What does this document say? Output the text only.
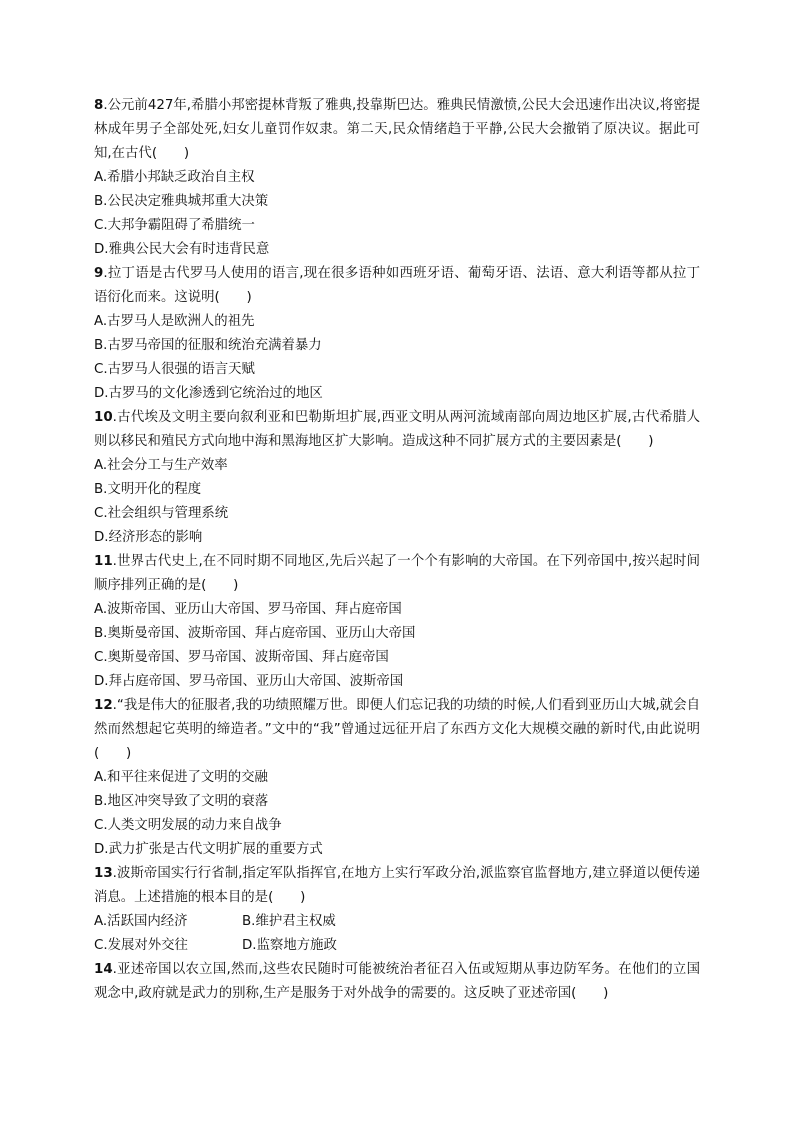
8.公元前427年,希腊小邦密提林背叛了雅典,投靠斯巴达。雅典民情激愤,公民大会迅速作出决议,将密提林成年男子全部处死,妇女儿童罚作奴隶。第二天,民众情绪趋于平静,公民大会撤销了原决议。据此可知,在古代(　　)

A.希腊小邦缺乏政治自主权

B.公民决定雅典城邦重大决策

C.大邦争霸阻碍了希腊统一

D.雅典公民大会有时违背民意

9.拉丁语是古代罗马人使用的语言,现在很多语种如西班牙语、葡萄牙语、法语、意大利语等都从拉丁语衍化而来。这说明(　　)

A.古罗马人是欧洲人的祖先

B.古罗马帝国的征服和统治充满着暴力

C.古罗马人很强的语言天赋

D.古罗马的文化渗透到它统治过的地区

10.古代埃及文明主要向叙利亚和巴勒斯坦扩展,西亚文明从两河流域南部向周边地区扩展,古代希腊人则以移民和殖民方式向地中海和黑海地区扩大影响。造成这种不同扩展方式的主要因素是(　　)

A.社会分工与生产效率

B.文明开化的程度

C.社会组织与管理系统

D.经济形态的影响

11.世界古代史上,在不同时期不同地区,先后兴起了一个个有影响的大帝国。在下列帝国中,按兴起时间顺序排列正确的是(　　)

A.波斯帝国、亚历山大帝国、罗马帝国、拜占庭帝国

B.奥斯曼帝国、波斯帝国、拜占庭帝国、亚历山大帝国

C.奥斯曼帝国、罗马帝国、波斯帝国、拜占庭帝国

D.拜占庭帝国、罗马帝国、亚历山大帝国、波斯帝国

12.“我是伟大的征服者,我的功绩照耀万世。即便人们忘记我的功绩的时候,人们看到亚历山大城,就会自然而然想起它英明的缔造者。”文中的“我”曾通过远征开启了东西方文化大规模交融的新时代,由此说明(　　)

A.和平往来促进了文明的交融

B.地区冲突导致了文明的衰落

C.人类文明发展的动力来自战争

D.武力扩张是古代文明扩展的重要方式

13.波斯帝国实行行省制,指定军队指挥官,在地方上实行军政分治,派监察官监督地方,建立驿道以便传递消息。上述措施的根本目的是(　　)

A.活跃国内经济	B.维护君主权威

C.发展对外交往	D.监察地方施政

14.亚述帝国以农立国,然而,这些农民随时可能被统治者征召入伍或短期从事边防军务。在他们的立国观念中,政府就是武力的别称,生产是服务于对外战争的需要的。这反映了亚述帝国(　　)
